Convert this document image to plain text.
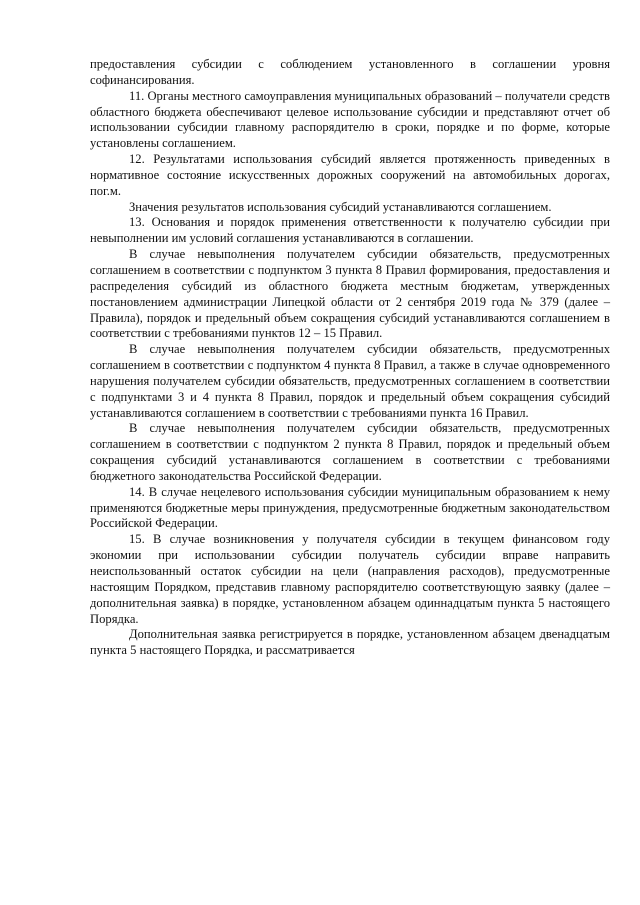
предоставления субсидии с соблюдением установленного в соглашении уровня софинансирования.

11. Органы местного самоуправления муниципальных образований – получатели средств областного бюджета обеспечивают целевое использование субсидии и представляют отчет об использовании субсидии главному распорядителю в сроки, порядке и по форме, которые установлены соглашением.

12. Результатами использования субсидий является протяженность приведенных в нормативное состояние искусственных дорожных сооружений на автомобильных дорогах, пог.м.

Значения результатов использования субсидий устанавливаются соглашением.

13. Основания и порядок применения ответственности к получателю субсидии при невыполнении им условий соглашения устанавливаются в соглашении.

В случае невыполнения получателем субсидии обязательств, предусмотренных соглашением в соответствии с подпунктом 3 пункта 8 Правил формирования, предоставления и распределения субсидий из областного бюджета местным бюджетам, утвержденных постановлением администрации Липецкой области от 2 сентября 2019 года № 379 (далее – Правила), порядок и предельный объем сокращения субсидий устанавливаются соглашением в соответствии с требованиями пунктов 12 – 15 Правил.

В случае невыполнения получателем субсидии обязательств, предусмотренных соглашением в соответствии с подпунктом 4 пункта 8 Правил, а также в случае одновременного нарушения получателем субсидии обязательств, предусмотренных соглашением в соответствии с подпунктами 3 и 4 пункта 8 Правил, порядок и предельный объем сокращения субсидий устанавливаются соглашением в соответствии с требованиями пункта 16 Правил.

В случае невыполнения получателем субсидии обязательств, предусмотренных соглашением в соответствии с подпунктом 2 пункта 8 Правил, порядок и предельный объем сокращения субсидий устанавливаются соглашением в соответствии с требованиями бюджетного законодательства Российской Федерации.

14. В случае нецелевого использования субсидии муниципальным образованием к нему применяются бюджетные меры принуждения, предусмотренные бюджетным законодательством Российской Федерации.

15. В случае возникновения у получателя субсидии в текущем финансовом году экономии при использовании субсидии получатель субсидии вправе направить неиспользованный остаток субсидии на цели (направления расходов), предусмотренные настоящим Порядком, представив главному распорядителю соответствующую заявку (далее – дополнительная заявка) в порядке, установленном абзацем одиннадцатым пункта 5 настоящего Порядка.

Дополнительная заявка регистрируется в порядке, установленном абзацем двенадцатым пункта 5 настоящего Порядка, и рассматривается
